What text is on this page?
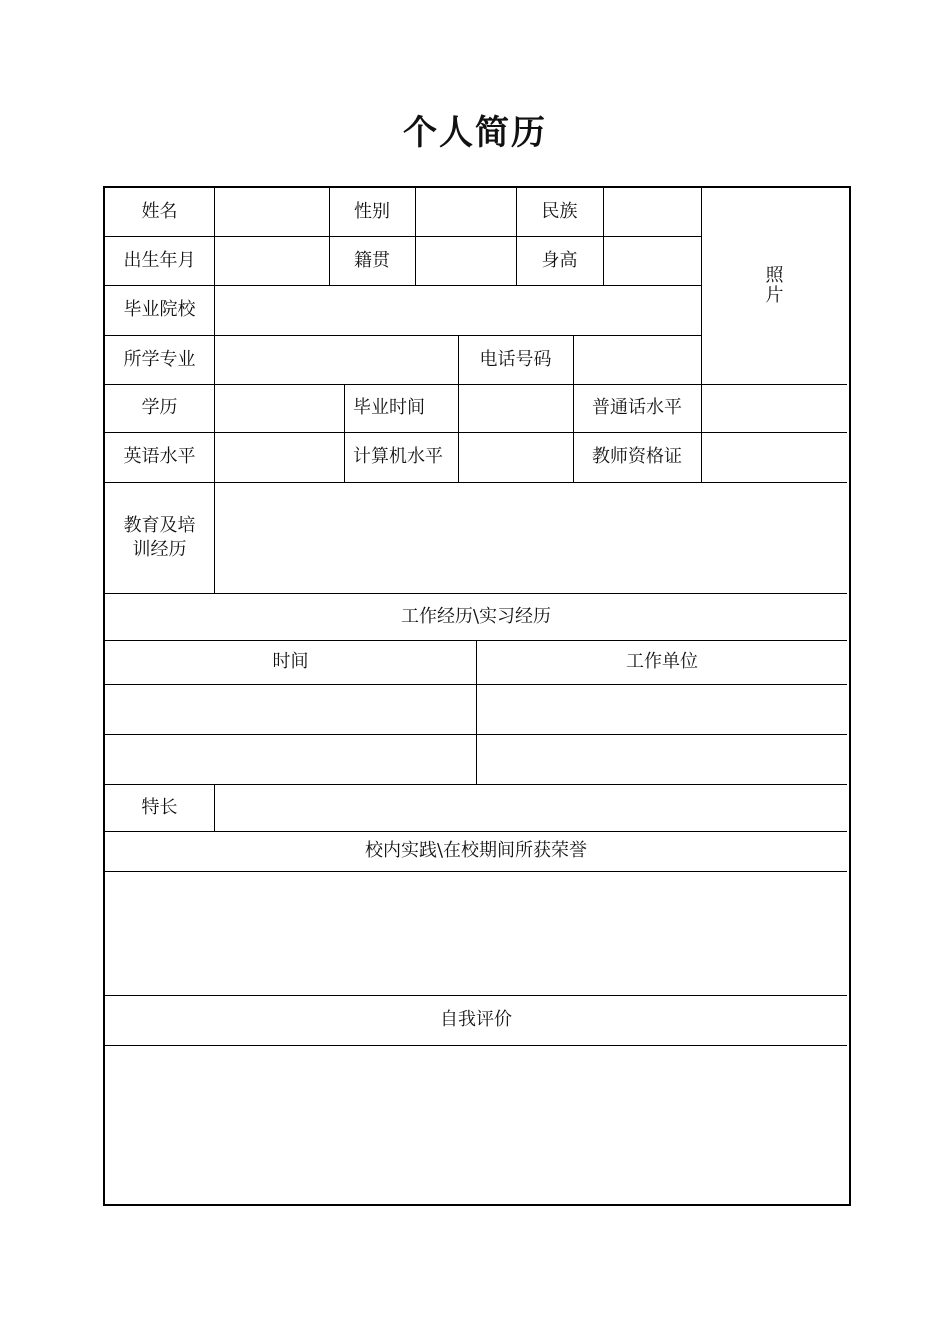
个人简历
姓名	性别	民族
照
片
出生年月	籍贯	身高
毕业院校
所学专业	电话号码
学历	毕业时间	普通话水平
英语水平	计算机水平	教师资格证
教育及培
训经历
工作经历\实习经历
时间	工作单位
特长
校内实践\在校期间所获荣誉
自我评价
